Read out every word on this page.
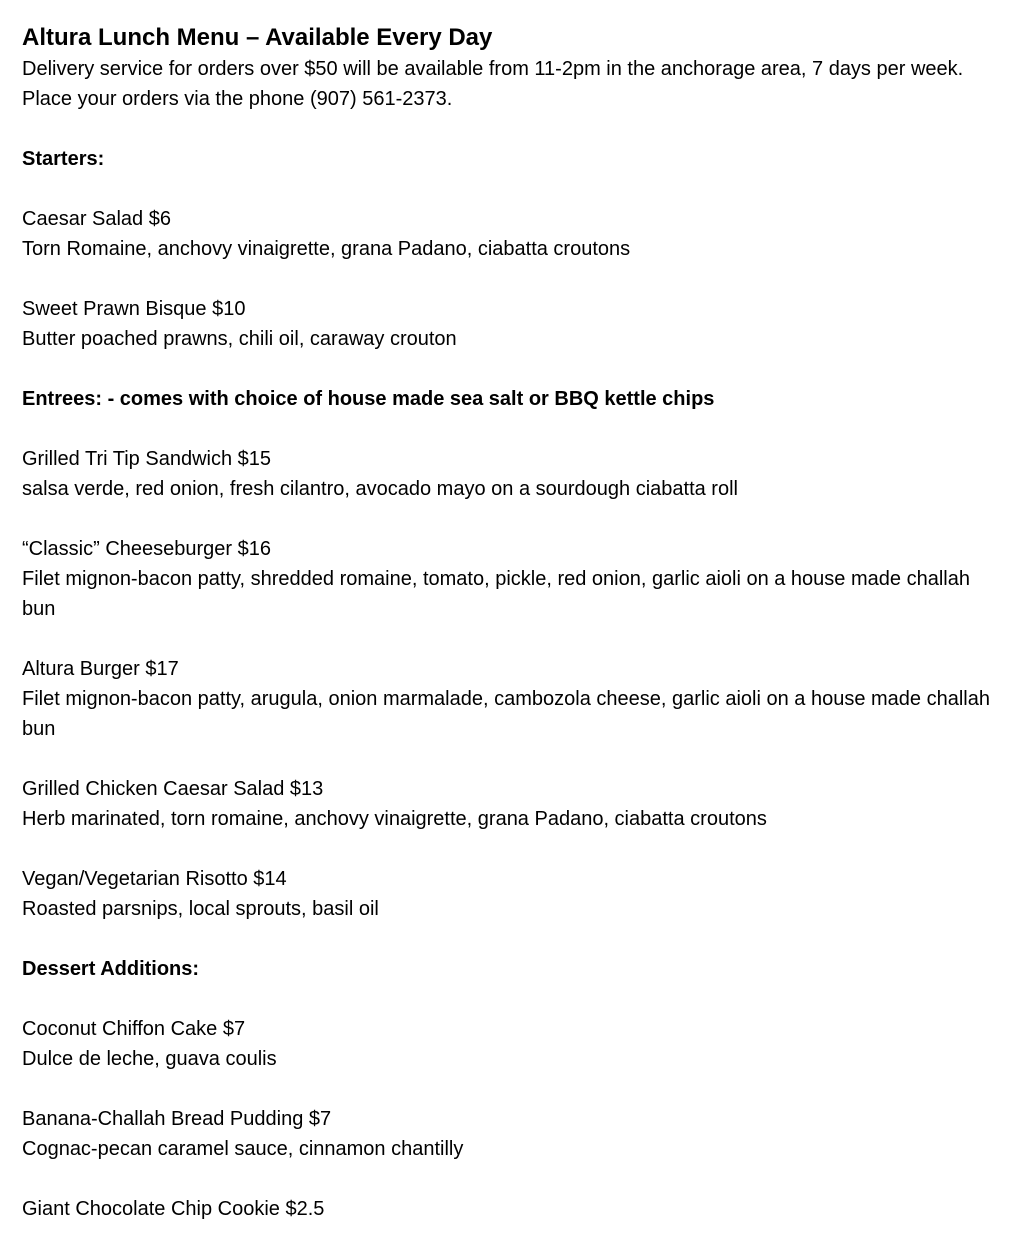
Altura Lunch Menu – Available Every Day

Delivery service for orders over $50 will be available from 11-2pm in the anchorage area, 7 days per week. Place your orders via the phone (907) 561-2373.

Starters:

Caesar Salad $6

Torn Romaine, anchovy vinaigrette, grana Padano, ciabatta croutons

Sweet Prawn Bisque $10

Butter poached prawns, chili oil, caraway crouton

Entrees: - comes with choice of house made sea salt or BBQ kettle chips

Grilled Tri Tip Sandwich $15

salsa verde, red onion, fresh cilantro, avocado mayo on a sourdough ciabatta roll

“Classic” Cheeseburger $16

Filet mignon-bacon patty, shredded romaine, tomato, pickle, red onion, garlic aioli on a house made challah bun

Altura Burger $17

Filet mignon-bacon patty, arugula, onion marmalade, cambozola cheese, garlic aioli on a house made challah bun

Grilled Chicken Caesar Salad $13

Herb marinated, torn romaine, anchovy vinaigrette, grana Padano, ciabatta croutons

Vegan/Vegetarian Risotto $14

Roasted parsnips, local sprouts, basil oil

Dessert Additions:

Coconut Chiffon Cake $7

Dulce de leche, guava coulis

Banana-Challah Bread Pudding $7

Cognac-pecan caramel sauce, cinnamon chantilly

Giant Chocolate Chip Cookie $2.5
